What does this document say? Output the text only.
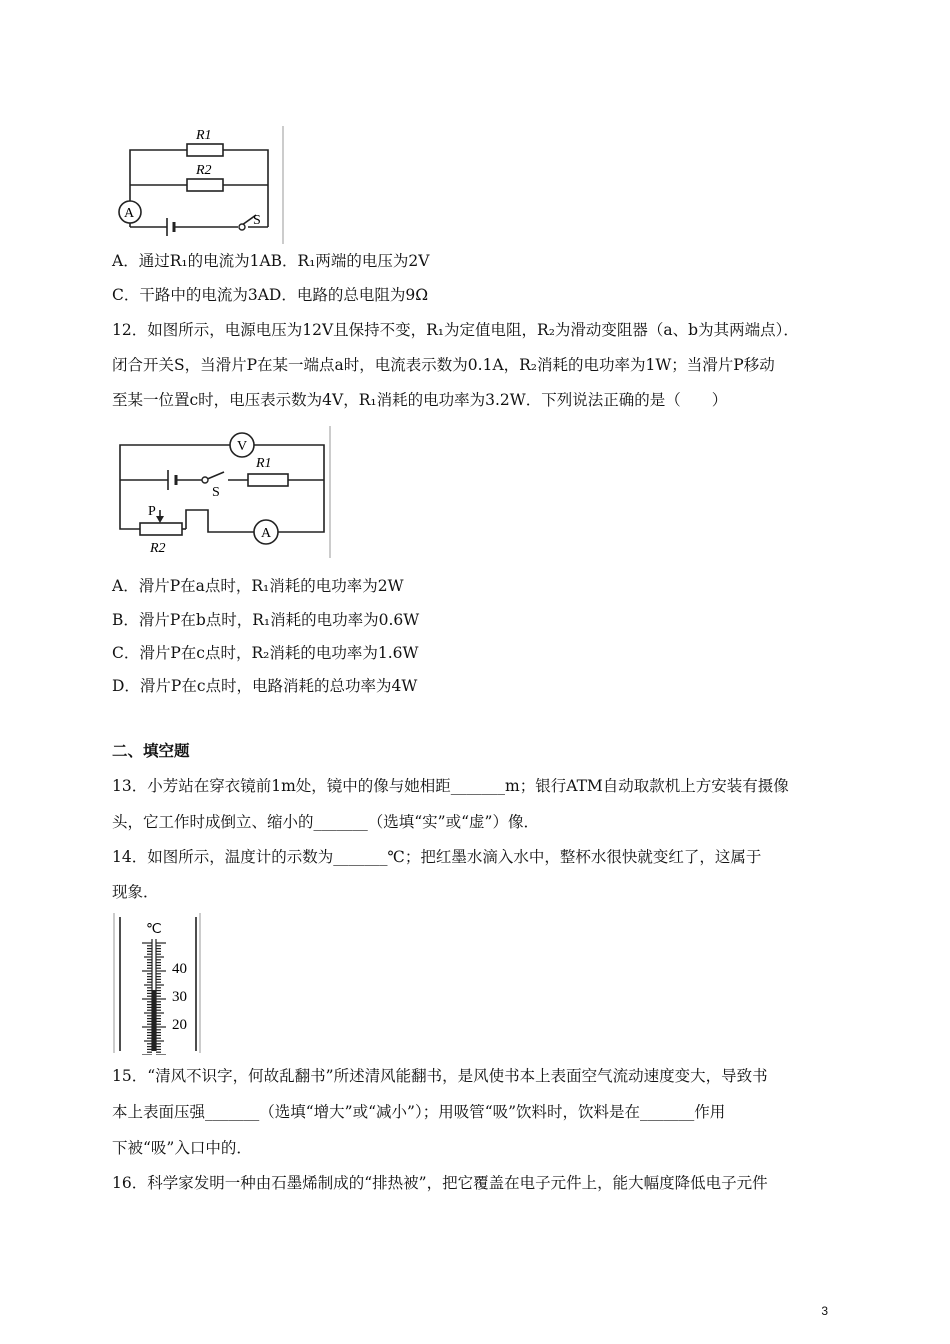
R1
R2
A	S
A．通过R₁的电流为1AB．R₁两端的电压为2V
C．干路中的电流为3AD．电路的总电阻为9Ω
12．如图所示，电源电压为12V且保持不变，R₁为定值电阻，R₂为滑动变阻器（a、b为其两端点）．
闭合开关S，当滑片P在某一端点a时，电流表示数为0.1A，R₂消耗的电功率为1W；当滑片P移动
至某一位置c时，电压表示数为4V，R₁消耗的电功率为3.2W．下列说法正确的是（　　）
V
R1
S
P
R2
A
A．滑片P在a点时，R₁消耗的电功率为2W
B．滑片P在b点时，R₁消耗的电功率为0.6W
C．滑片P在c点时，R₂消耗的电功率为1.6W
D．滑片P在c点时，电路消耗的总功率为4W
二、填空题
13．小芳站在穿衣镜前1m处，镜中的像与她相距_______m；银行ATM自动取款机上方安装有摄像
头，它工作时成倒立、缩小的_______（选填“实”或“虚”）像．
14．如图所示，温度计的示数为_______℃；把红墨水滴入水中，整杯水很快就变红了，这属于
现象．
℃
40
30
20
15．“清风不识字，何故乱翻书”所述清风能翻书，是风使书本上表面空气流动速度变大，导致书
本上表面压强_______（选填“增大”或“减小”）；用吸管“吸”饮料时，饮料是在_______作用
下被“吸”入口中的．
16．科学家发明一种由石墨烯制成的“排热被”，把它覆盖在电子元件上，能大幅度降低电子元件
3
